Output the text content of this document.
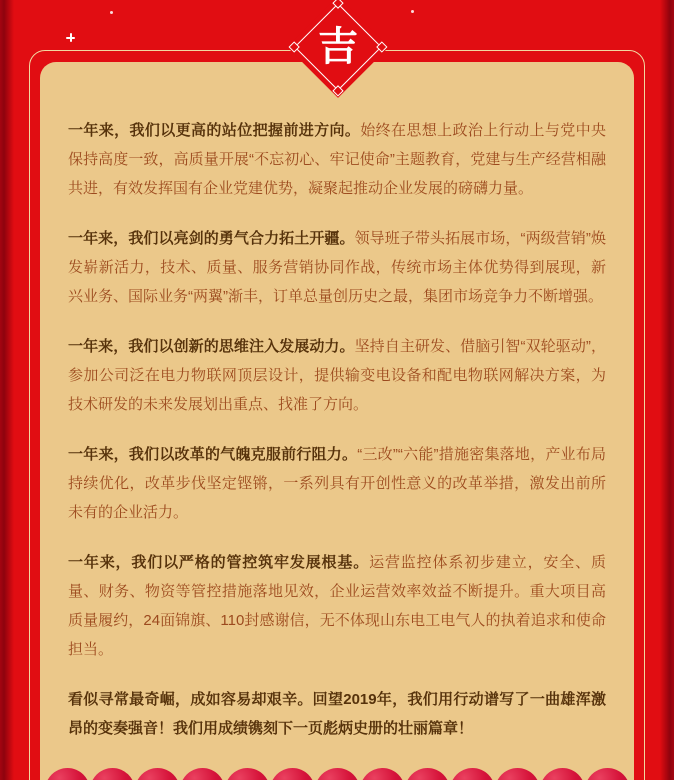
一年来，我们以更高的站位把握前进方向。始终在思想上政治上行动上与党中央保持高度一致，高质量开展“不忘初心、牢记使命”主题教育，党建与生产经营相融共进，有效发挥国有企业党建优势，凝聚起推动企业发展的磅礴力量。

一年来，我们以亮剑的勇气合力拓土开疆。领导班子带头拓展市场，“两级营销”焕发崭新活力，技术、质量、服务营销协同作战，传统市场主体优势得到展现，新兴业务、国际业务“两翼”渐丰，订单总量创历史之最，集团市场竞争力不断增强。

一年来，我们以创新的思维注入发展动力。坚持自主研发、借脑引智“双轮驱动”，参加公司泛在电力物联网顶层设计，提供输变电设备和配电物联网解决方案，为技术研发的未来发展划出重点、找准了方向。

一年来，我们以改革的气魄克服前行阻力。“三改”“六能”措施密集落地，产业布局持续优化，改革步伐坚定铿锵，一系列具有开创性意义的改革举措，激发出前所未有的企业活力。

一年来，我们以严格的管控筑牢发展根基。运营监控体系初步建立，安全、质量、财务、物资等管控措施落地见效，企业运营效率效益不断提升。重大项目高质量履约，24面锦旗、110封感谢信，无不体现山东电工电气人的执着追求和使命担当。

看似寻常最奇崛，成如容易却艰辛。回望2019年，我们用行动谱写了一曲雄浑激昂的变奏强音！我们用成绩镌刻下一页彪炳史册的壮丽篇章！

吉
